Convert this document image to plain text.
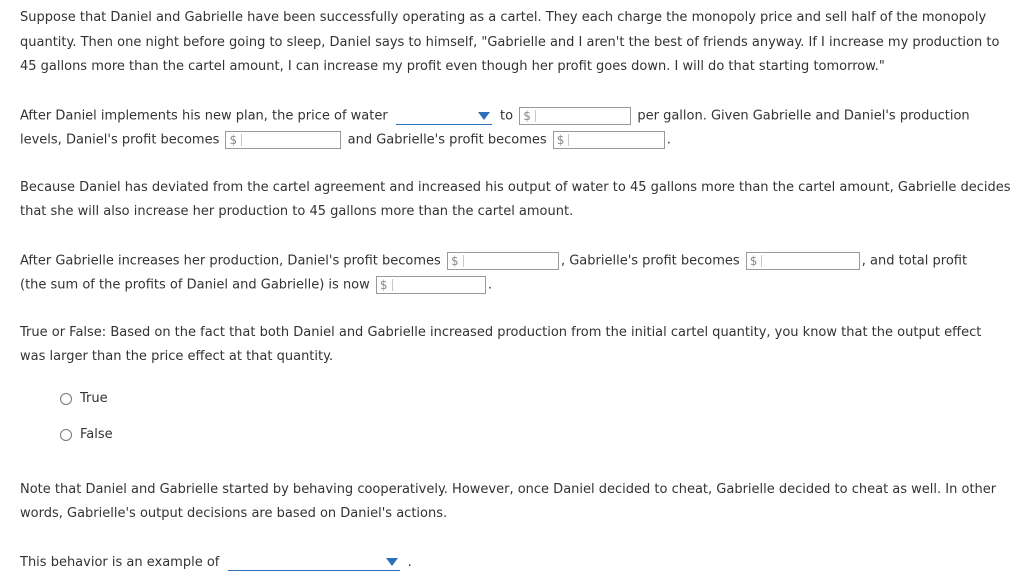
Suppose that Daniel and Gabrielle have been successfully operating as a cartel. They each charge the monopoly price and sell half of the monopoly
quantity. Then one night before going to sleep, Daniel says to himself, "Gabrielle and I aren't the best of friends anyway. If I increase my production to
45 gallons more than the cartel amount, I can increase my profit even though her profit goes down. I will do that starting tomorrow."
After Daniel implements his new plan, the price of water	to $	per gallon. Given Gabrielle and Daniel's production
levels, Daniel's profit becomes $	and Gabrielle's profit becomes $	.
Because Daniel has deviated from the cartel agreement and increased his output of water to 45 gallons more than the cartel amount, Gabrielle decides
that she will also increase her production to 45 gallons more than the cartel amount.
After Gabrielle increases her production, Daniel's profit becomes $	, Gabrielle's profit becomes $	, and total profit
(the sum of the profits of Daniel and Gabrielle) is now $	.
True or False: Based on the fact that both Daniel and Gabrielle increased production from the initial cartel quantity, you know that the output effect
was larger than the price effect at that quantity.
True
False
Note that Daniel and Gabrielle started by behaving cooperatively. However, once Daniel decided to cheat, Gabrielle decided to cheat as well. In other
words, Gabrielle's output decisions are based on Daniel's actions.
This behavior is an example of	.
